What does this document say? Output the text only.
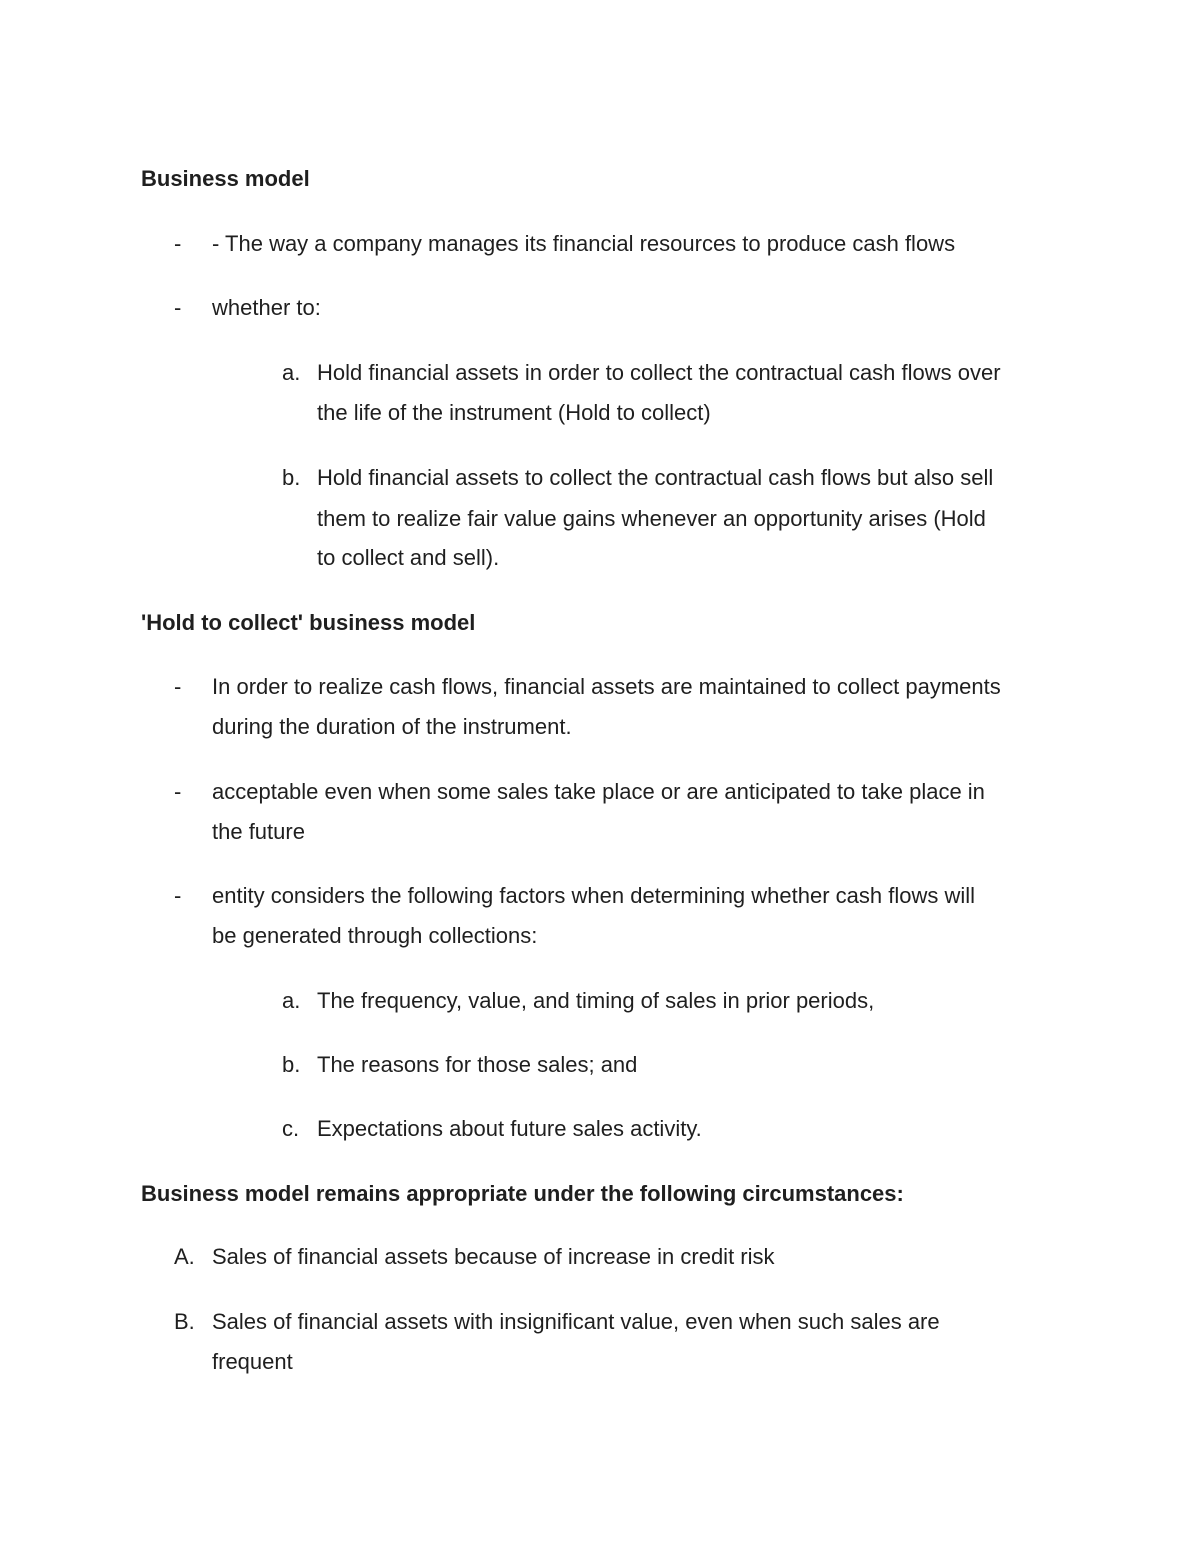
Business model
- - The way a company manages its financial resources to produce cash flows
- whether to:
a. Hold financial assets in order to collect the contractual cash flows over
the life of the instrument (Hold to collect)
b. Hold financial assets to collect the contractual cash flows but also sell
them to realize fair value gains whenever an opportunity arises (Hold
to collect and sell).
'Hold to collect' business model
- In order to realize cash flows, financial assets are maintained to collect payments
during the duration of the instrument.
- acceptable even when some sales take place or are anticipated to take place in
the future
- entity considers the following factors when determining whether cash flows will
be generated through collections:
a. The frequency, value, and timing of sales in prior periods,
b. The reasons for those sales; and
c. Expectations about future sales activity.
Business model remains appropriate under the following circumstances:
A. Sales of financial assets because of increase in credit risk
B. Sales of financial assets with insignificant value, even when such sales are
frequent
